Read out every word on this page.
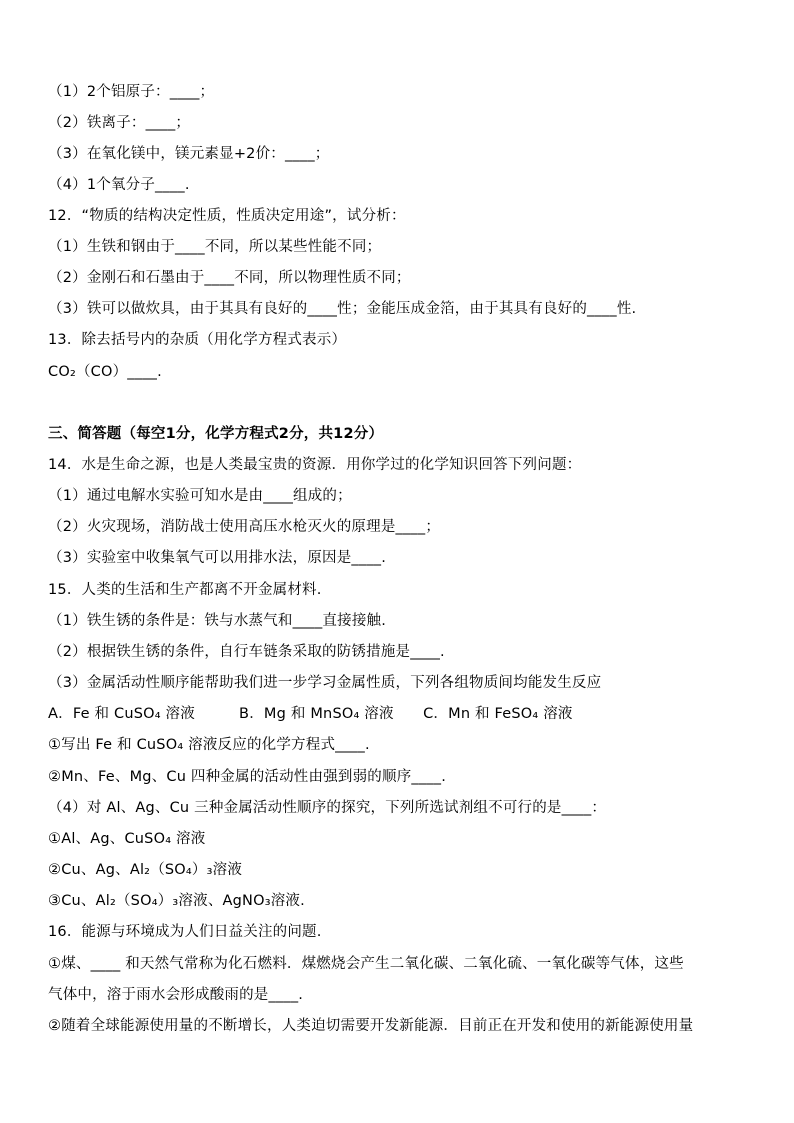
（1）2个铝原子：____；
（2）铁离子：____；
（3）在氧化镁中，镁元素显+2价：____；
（4）1个氧分子____.
12．“物质的结构决定性质，性质决定用途”，试分析：
（1）生铁和钢由于____不同，所以某些性能不同；
（2）金刚石和石墨由于____不同，所以物理性质不同；
（3）铁可以做炊具，由于其具有良好的____性；金能压成金箔，由于其具有良好的____性.
13．除去括号内的杂质（用化学方程式表示）
CO₂（CO）____.
三、简答题（每空1分，化学方程式2分，共12分）
14．水是生命之源，也是人类最宝贵的资源．用你学过的化学知识回答下列问题：
（1）通过电解水实验可知水是由____组成的；
（2）火灾现场，消防战士使用高压水枪灭火的原理是____；
（3）实验室中收集氧气可以用排水法，原因是____.
15．人类的生活和生产都离不开金属材料.
（1）铁生锈的条件是：铁与水蒸气和____直接接触.
（2）根据铁生锈的条件，自行车链条采取的防锈措施是____.
（3）金属活动性顺序能帮助我们进一步学习金属性质，下列各组物质间均能发生反应
A．Fe 和 CuSO₄ 溶液　　　B．Mg 和 MnSO₄ 溶液　　C．Mn 和 FeSO₄ 溶液
①写出 Fe 和 CuSO₄ 溶液反应的化学方程式____.
②Mn、Fe、Mg、Cu 四种金属的活动性由强到弱的顺序____.
（4）对 Al、Ag、Cu 三种金属活动性顺序的探究，下列所选试剂组不可行的是____：
①Al、Ag、CuSO₄ 溶液
②Cu、Ag、Al₂（SO₄）₃溶液
③Cu、Al₂（SO₄）₃溶液、AgNO₃溶液.
16．能源与环境成为人们日益关注的问题.
①煤、____ 和天然气常称为化石燃料．煤燃烧会产生二氧化碳、二氧化硫、一氧化碳等气体，这些
气体中，溶于雨水会形成酸雨的是____.
②随着全球能源使用量的不断增长，人类迫切需要开发新能源．目前正在开发和使用的新能源使用量
